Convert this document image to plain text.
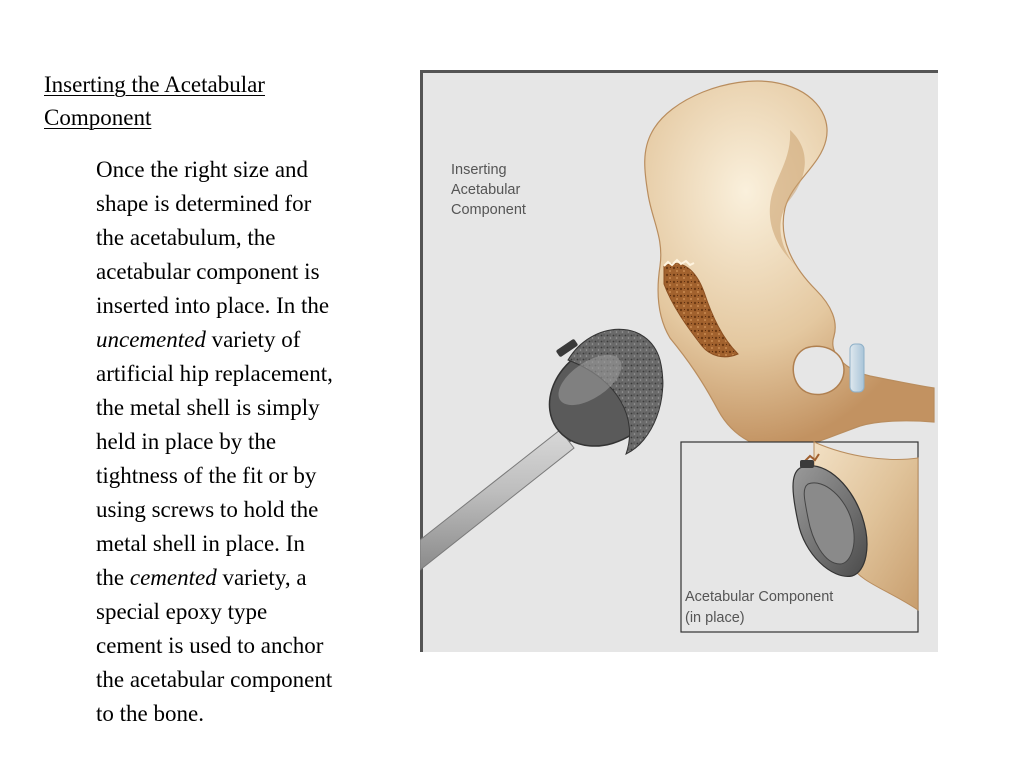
Inserting the Acetabular
Component
Once the right size and
shape is determined for
the acetabulum, the
acetabular component is
inserted into place. In the
uncemented variety of
artificial hip replacement,
the metal shell is simply
held in place by the
tightness of the fit or by
using screws to hold the
metal shell in place. In
the cemented variety, a
special epoxy type
cement is used to anchor
the acetabular component
to the bone.
Inserting
Acetabular
Component
Acetabular Component
(in place)
